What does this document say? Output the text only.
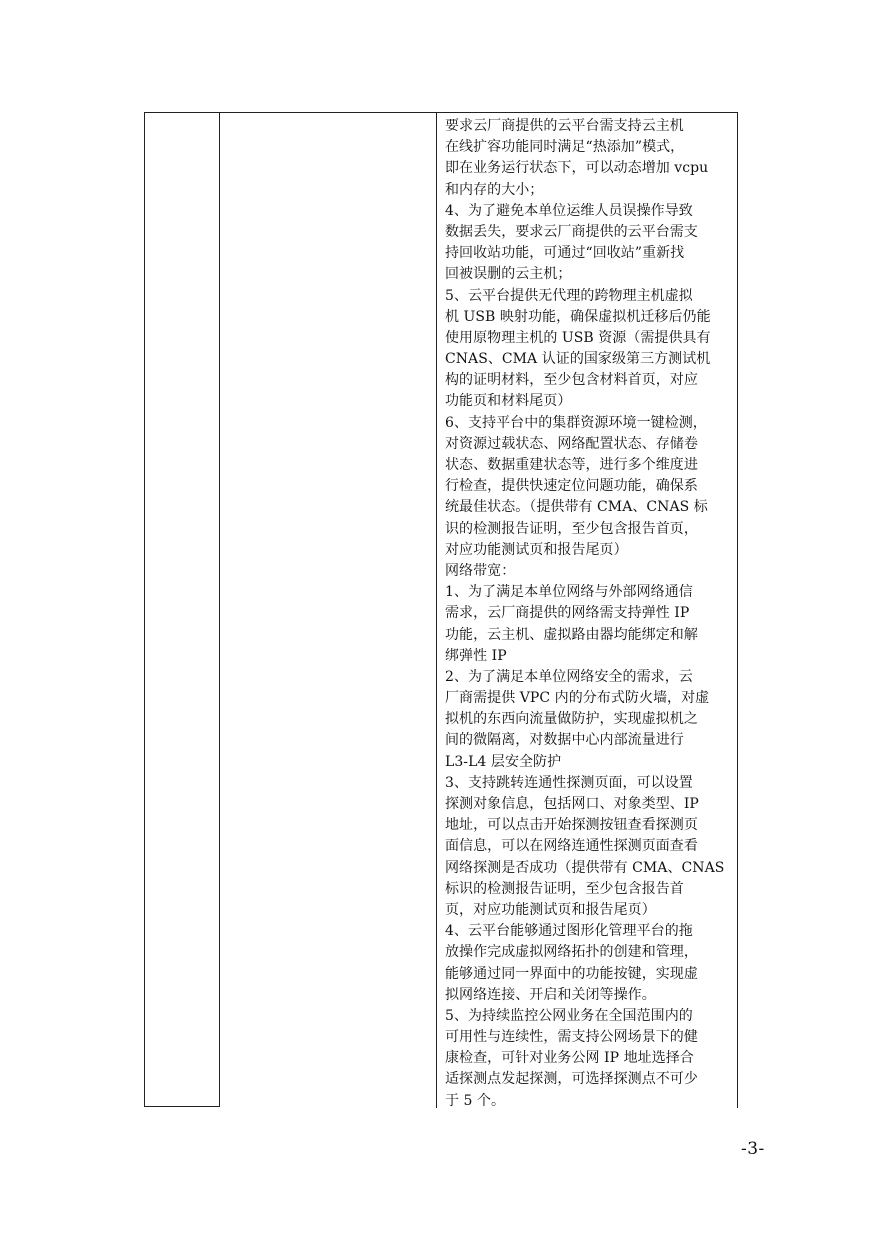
要求云厂商提供的云平台需支持云主机
在线扩容功能同时满足“热添加”模式，
即在业务运行状态下，可以动态增加 vcpu
和内存的大小；
4、为了避免本单位运维人员误操作导致
数据丢失，要求云厂商提供的云平台需支
持回收站功能，可通过“回收站”重新找
回被误删的云主机；
5、云平台提供无代理的跨物理主机虚拟
机 USB 映射功能，确保虚拟机迁移后仍能
使用原物理主机的 USB 资源（需提供具有
CNAS、CMA 认证的国家级第三方测试机
构的证明材料，至少包含材料首页，对应
功能页和材料尾页）
6、支持平台中的集群资源环境一键检测，
对资源过载状态、网络配置状态、存储卷
状态、数据重建状态等，进行多个维度进
行检查，提供快速定位问题功能，确保系
统最佳状态。（提供带有 CMA、CNAS 标
识的检测报告证明，至少包含报告首页，
对应功能测试页和报告尾页）
网络带宽：
1、为了满足本单位网络与外部网络通信
需求，云厂商提供的网络需支持弹性 IP
功能，云主机、虚拟路由器均能绑定和解
绑弹性 IP
2、为了满足本单位网络安全的需求，云
厂商需提供 VPC 内的分布式防火墙，对虚
拟机的东西向流量做防护，实现虚拟机之
间的微隔离，对数据中心内部流量进行
L3-L4 层安全防护
3、支持跳转连通性探测页面，可以设置
探测对象信息，包括网口、对象类型、IP
地址，可以点击开始探测按钮查看探测页
面信息，可以在网络连通性探测页面查看
网络探测是否成功（提供带有 CMA、CNAS
标识的检测报告证明，至少包含报告首
页，对应功能测试页和报告尾页）
4、云平台能够通过图形化管理平台的拖
放操作完成虚拟网络拓扑的创建和管理，
能够通过同一界面中的功能按键，实现虚
拟网络连接、开启和关闭等操作。
5、为持续监控公网业务在全国范围内的
可用性与连续性，需支持公网场景下的健
康检查，可针对业务公网 IP 地址选择合
适探测点发起探测，可选择探测点不可少
于 5 个。
-3-
